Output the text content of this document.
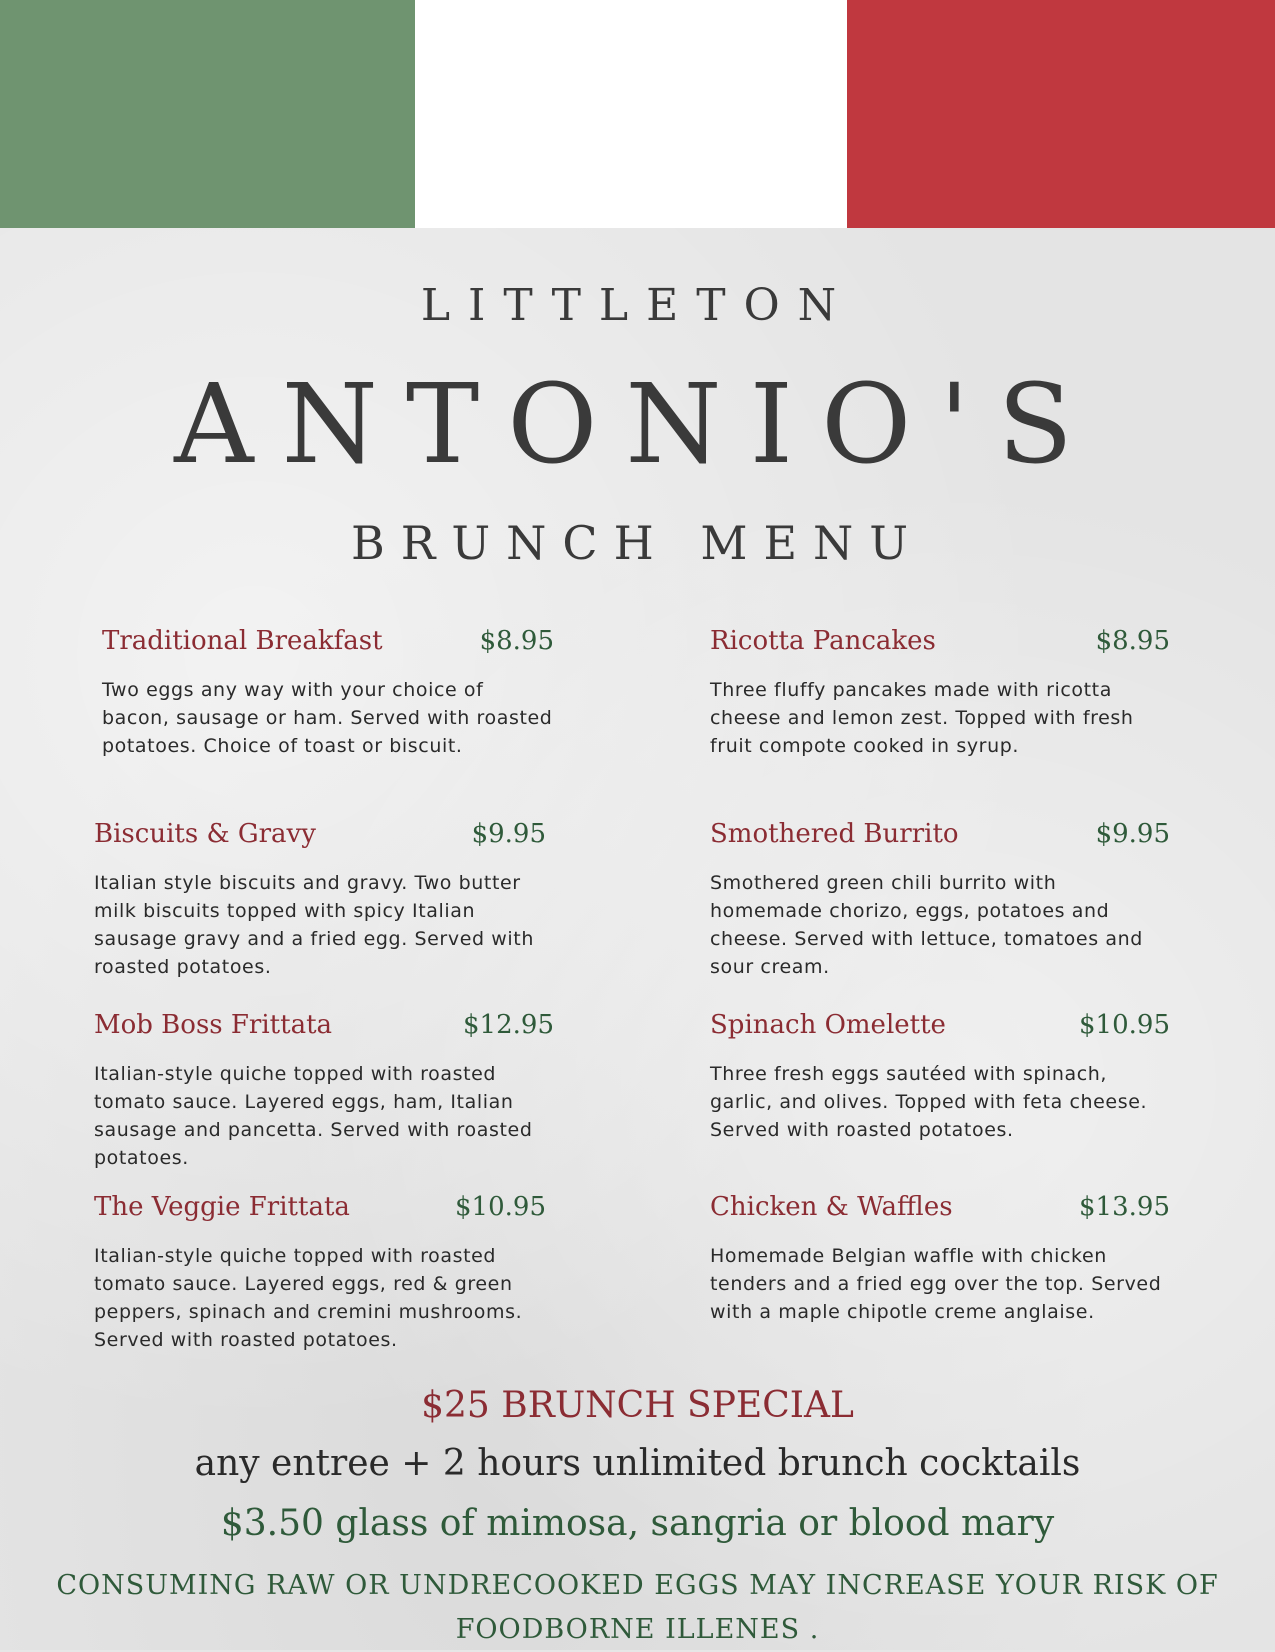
LITTLETON
ANTONIO'S
BRUNCH MENU
Traditional Breakfast	$8.95

Two eggs any way with your choice of bacon, sausage or ham. Served with roasted potatoes. Choice of toast or biscuit.

Biscuits & Gravy	$9.95

Italian style biscuits and gravy. Two butter milk biscuits topped with spicy Italian sausage gravy and a fried egg. Served with roasted potatoes.

Mob Boss Frittata	$12.95

Italian-style quiche topped with roasted tomato sauce. Layered eggs, ham, Italian sausage and pancetta. Served with roasted potatoes.

The Veggie Frittata	$10.95

Italian-style quiche topped with roasted tomato sauce. Layered eggs, red & green peppers, spinach and cremini mushrooms. Served with roasted potatoes.

Ricotta Pancakes	$8.95

Three fluffy pancakes made with ricotta cheese and lemon zest. Topped with fresh fruit compote cooked in syrup.

Smothered Burrito	$9.95

Smothered green chili burrito with homemade chorizo, eggs, potatoes and cheese. Served with lettuce, tomatoes and sour cream.

Spinach Omelette	$10.95

Three fresh eggs sautéed with spinach, garlic, and olives. Topped with feta cheese. Served with roasted potatoes.

Chicken & Waffles	$13.95

Homemade Belgian waffle with chicken tenders and a fried egg over the top. Served with a maple chipotle creme anglaise.

$25 BRUNCH SPECIAL
any entree + 2 hours unlimited brunch cocktails
$3.50 glass of mimosa, sangria or blood mary
CONSUMING RAW OR UNDRECOOKED EGGS MAY INCREASE YOUR RISK OF FOODBORNE ILLENES .
